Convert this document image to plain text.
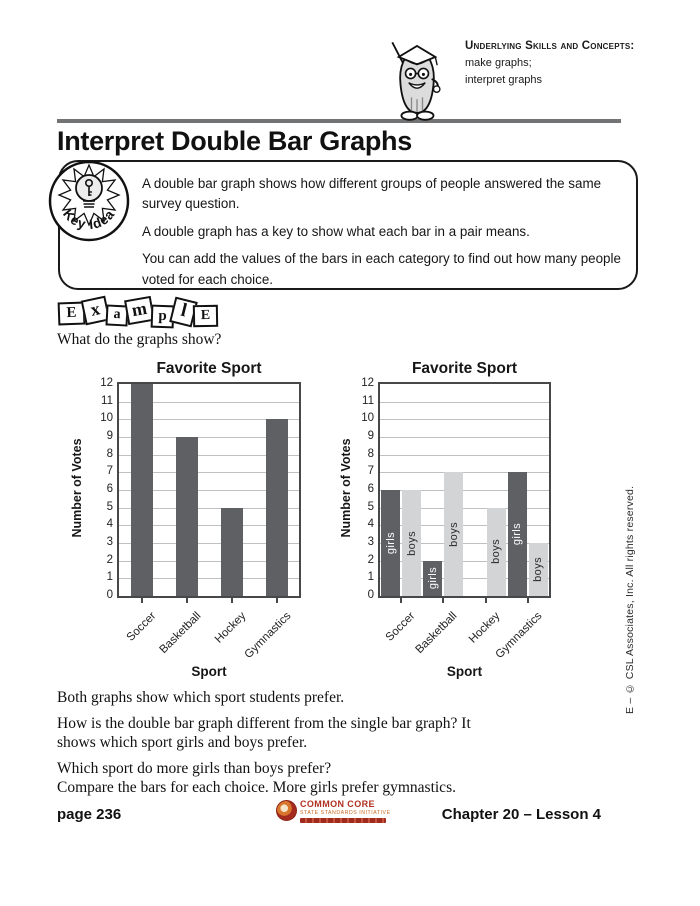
Underlying Skills and Concepts:
make graphs;
interpret graphs
Interpret Double Bar Graphs
Key Idea

A double bar graph shows how different groups of people answered the same survey question.

A double graph has a key to show what each bar in a pair means.

You can add the values of the bars in each category to find out how many people voted for each choice.

E x a m p l E
What do the graphs show?
Favorite Sport
Number of Votes
0
1
2
3
4
5
6
7
8
9
10
11
12
Soccer
Basketball Hockey
Gymnastics
Sport
Favorite Sport
Number of Votes
girls boys
girls
boys
boys
girls
boys
0
1
2
3
4
5
6
7
8
9
10
11
12
Soccer
Basketball Hockey
Gymnastics
Sport
Both graphs show which sport students prefer.
How is the double bar graph different from the single bar graph? It
shows which sport girls and boys prefer.
Which sport do more girls than boys prefer?
Compare the bars for each choice. More girls prefer gymnastics.
E – © CSL Associates, Inc. All rights reserved.
page 236
COMMON CORE
STATE STANDARDS INITIATIVE	Chapter 20 – Lesson 4
